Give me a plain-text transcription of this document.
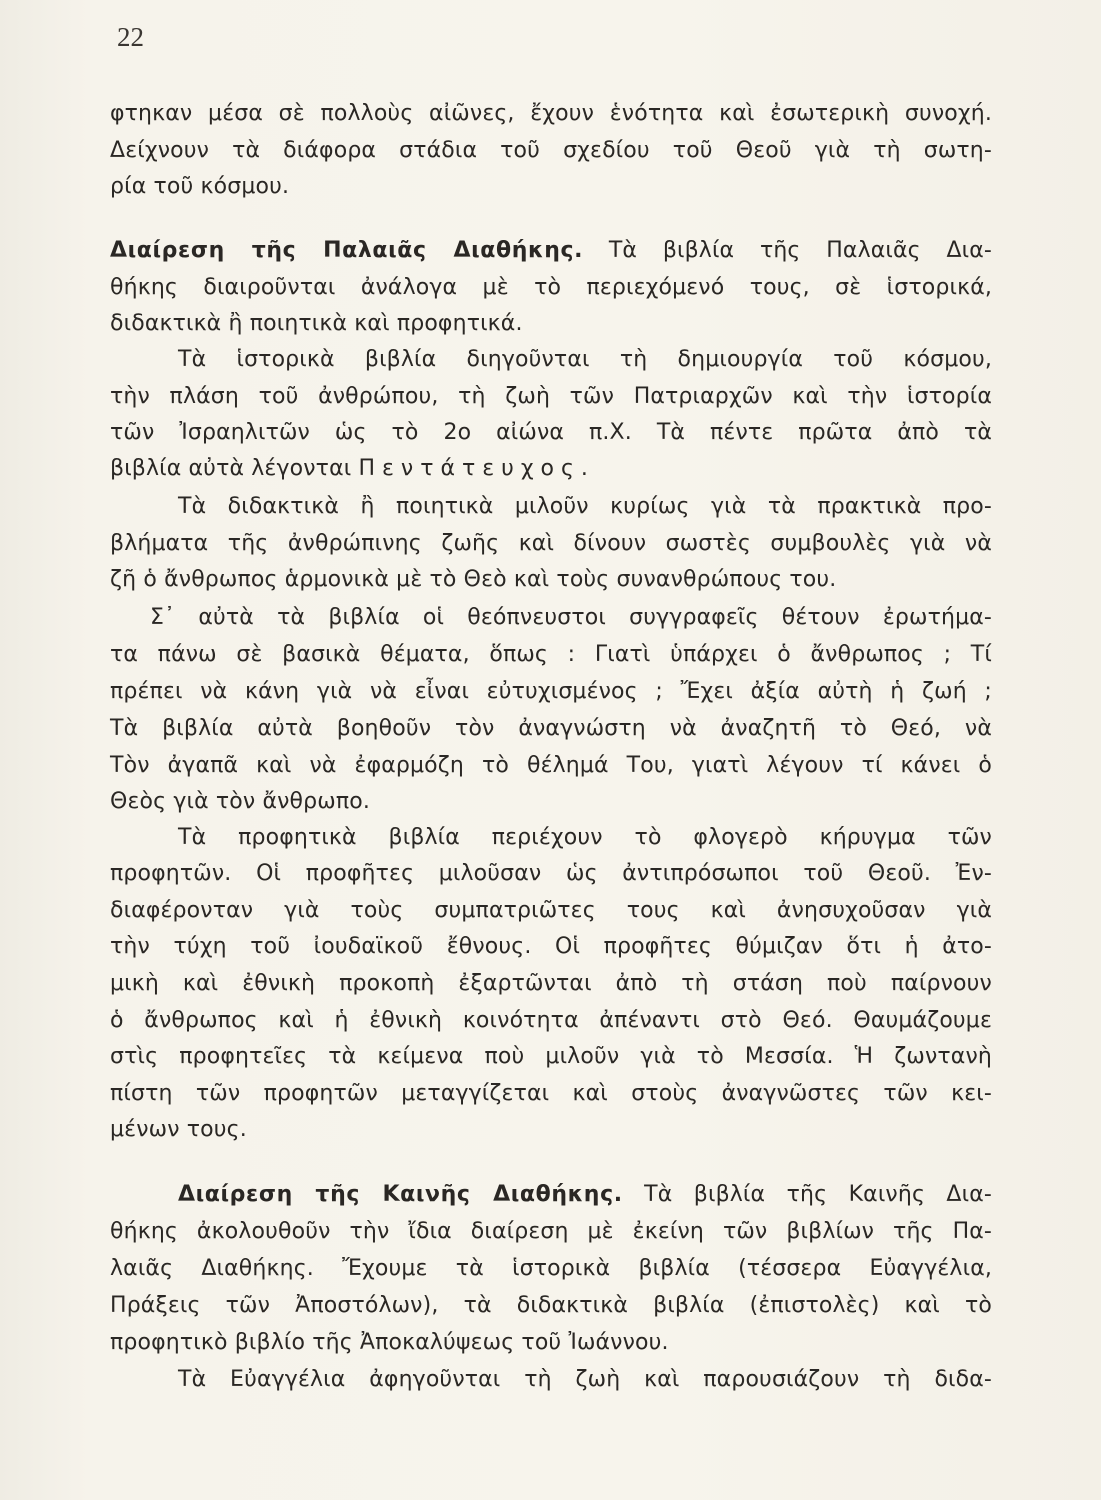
22
φτηκαν μέσα σὲ πολλοὺς αἰῶνες, ἔχουν ἑνότητα καὶ ἐσωτερικὴ συνοχή.
Δείχνουν τὰ διάφορα στάδια τοῦ σχεδίου τοῦ Θεοῦ γιὰ τὴ σωτη-
ρία τοῦ κόσμου.
Διαίρεση τῆς Παλαιᾶς Διαθήκης. Τὰ βιβλία τῆς Παλαιᾶς Δια-
θήκης διαιροῦνται ἀνάλογα μὲ τὸ περιεχόμενό τους, σὲ ἱστορικά,
διδακτικὰ ἢ ποιητικὰ καὶ προφητικά.
Τὰ ἱστορικὰ βιβλία διηγοῦνται τὴ δημιουργία τοῦ κόσμου,
τὴν πλάση τοῦ ἀνθρώπου, τὴ ζωὴ τῶν Πατριαρχῶν καὶ τὴν ἱστορία
τῶν Ἰσραηλιτῶν ὡς τὸ 2ο αἰώνα π.Χ. Τὰ πέντε πρῶτα ἀπὸ τὰ
βιβλία αὐτὰ λέγονται Πεντάτευχος.
Τὰ διδακτικὰ ἢ ποιητικὰ μιλοῦν κυρίως γιὰ τὰ πρακτικὰ προ-
βλήματα τῆς ἀνθρώπινης ζωῆς καὶ δίνουν σωστὲς συμβουλὲς γιὰ νὰ
ζῆ ὁ ἄνθρωπος ἁρμονικὰ μὲ τὸ Θεὸ καὶ τοὺς συνανθρώπους του.
Σ᾽ αὐτὰ τὰ βιβλία οἱ θεόπνευστοι συγγραφεῖς θέτουν ἐρωτήμα-
τα πάνω σὲ βασικὰ θέματα, ὅπως : Γιατὶ ὑπάρχει ὁ ἄνθρωπος ; Τί
πρέπει νὰ κάνη γιὰ νὰ εἶναι εὐτυχισμένος ; Ἔχει ἀξία αὐτὴ ἡ ζωή ;
Τὰ βιβλία αὐτὰ βοηθοῦν τὸν ἀναγνώστη νὰ ἀναζητῆ τὸ Θεό, νὰ
Τὸν ἀγαπᾶ καὶ νὰ ἐφαρμόζη τὸ θέλημά Του, γιατὶ λέγουν τί κάνει ὁ
Θεὸς γιὰ τὸν ἄνθρωπο.
Τὰ προφητικὰ βιβλία περιέχουν τὸ φλογερὸ κήρυγμα τῶν
προφητῶν. Οἱ προφῆτες μιλοῦσαν ὡς ἀντιπρόσωποι τοῦ Θεοῦ. Ἐν-
διαφέρονταν γιὰ τοὺς συμπατριῶτες τους καὶ ἀνησυχοῦσαν γιὰ
τὴν τύχη τοῦ ἰουδαϊκοῦ ἔθνους. Οἱ προφῆτες θύμιζαν ὅτι ἡ ἀτο-
μικὴ καὶ ἐθνικὴ προκοπὴ ἐξαρτῶνται ἀπὸ τὴ στάση ποὺ παίρνουν
ὁ ἄνθρωπος καὶ ἡ ἐθνικὴ κοινότητα ἀπέναντι στὸ Θεό. Θαυμάζουμε
στὶς προφητεῖες τὰ κείμενα ποὺ μιλοῦν γιὰ τὸ Μεσσία. Ἡ ζωντανὴ
πίστη τῶν προφητῶν μεταγγίζεται καὶ στοὺς ἀναγνῶστες τῶν κει-
μένων τους.
Διαίρεση τῆς Καινῆς Διαθήκης. Τὰ βιβλία τῆς Καινῆς Δια-
θήκης ἀκολουθοῦν τὴν ἴδια διαίρεση μὲ ἐκείνη τῶν βιβλίων τῆς Πα-
λαιᾶς Διαθήκης. Ἔχουμε τὰ ἱστορικὰ βιβλία (τέσσερα Εὐαγγέλια,
Πράξεις τῶν Ἀποστόλων), τὰ διδακτικὰ βιβλία (ἐπιστολὲς) καὶ τὸ
προφητικὸ βιβλίο τῆς Ἀποκαλύψεως τοῦ Ἰωάννου.
Τὰ Εὐαγγέλια ἀφηγοῦνται τὴ ζωὴ καὶ παρουσιάζουν τὴ διδα-
